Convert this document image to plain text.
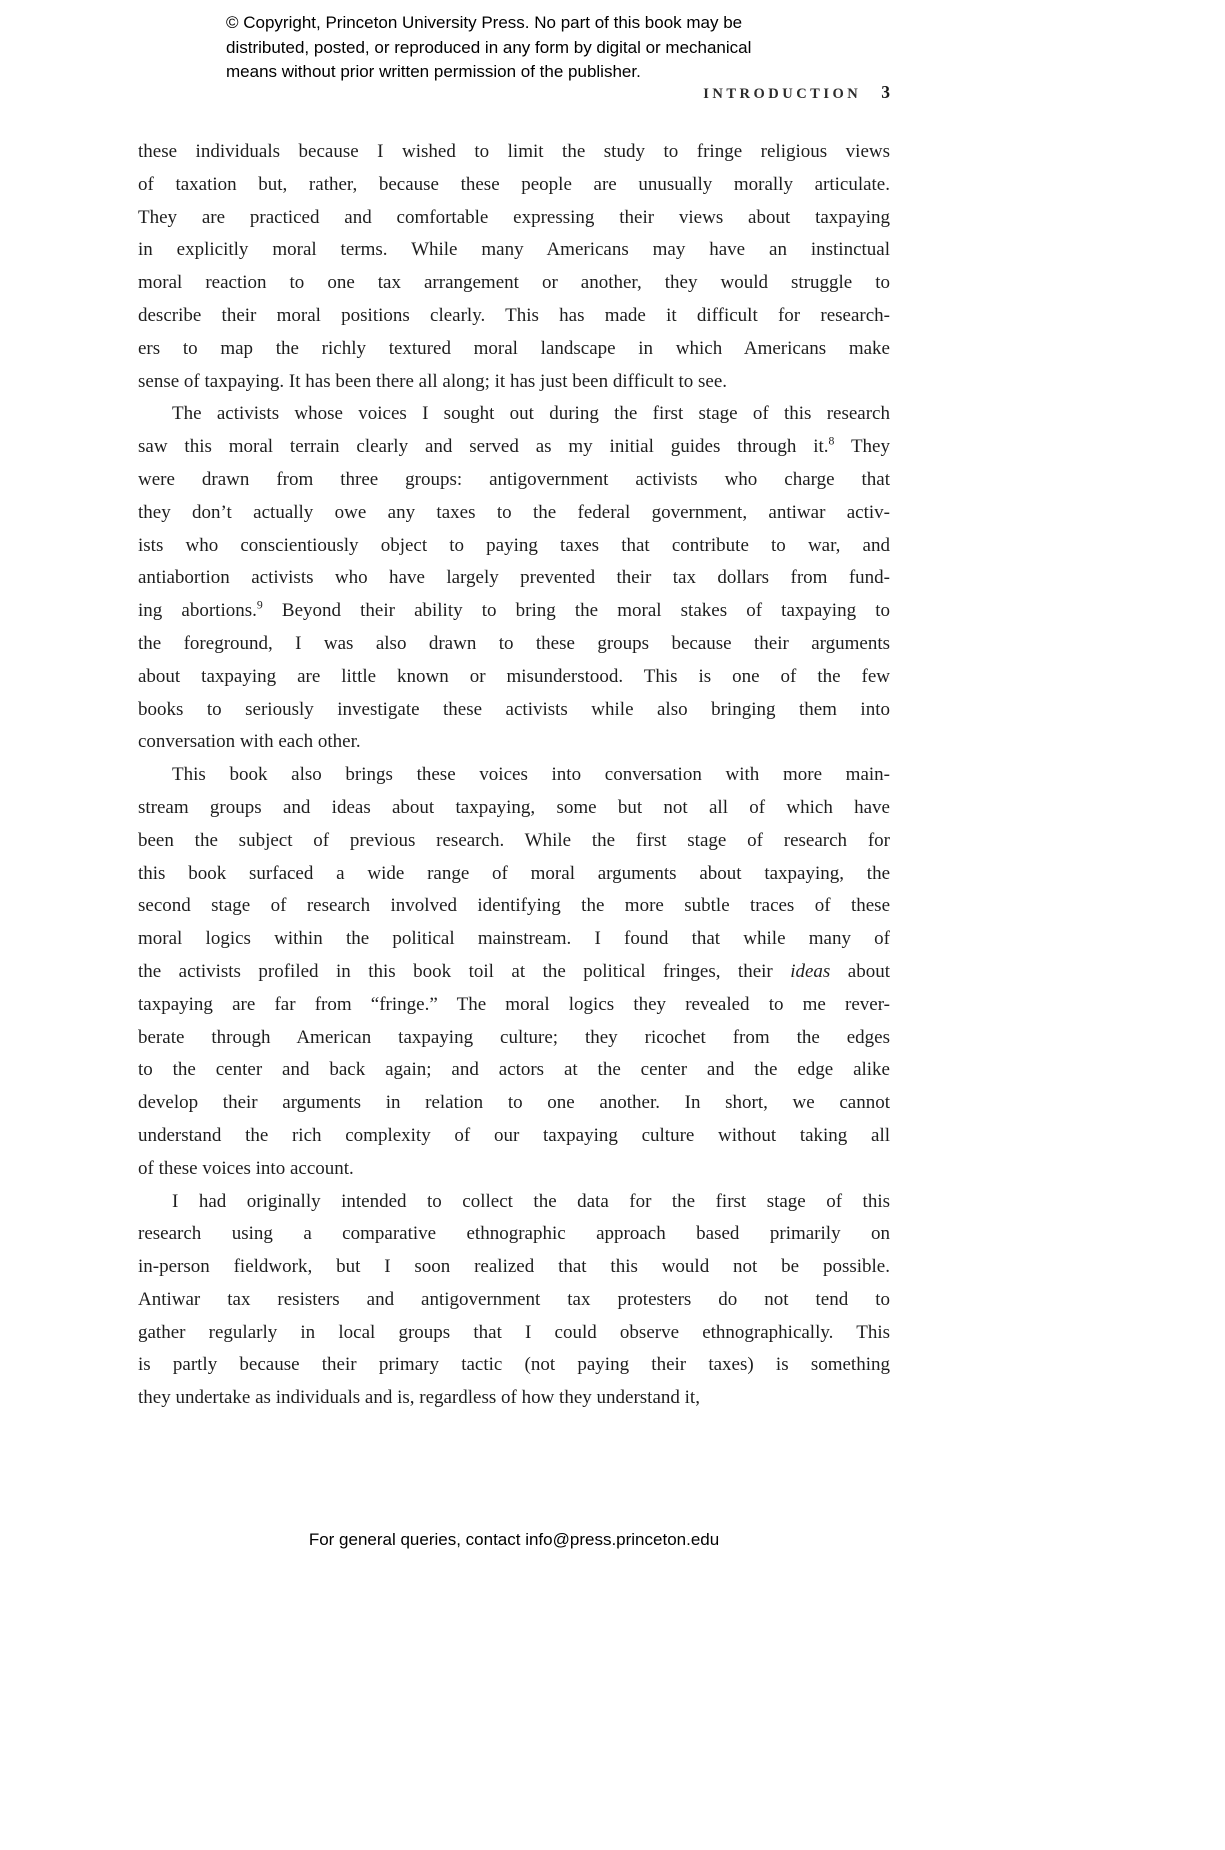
© Copyright, Princeton University Press. No part of this book may be
distributed, posted, or reproduced in any form by digital or mechanical
means without prior written permission of the publisher.
INTRODUCTION 3
these individuals because I wished to limit the study to fringe religious views
of taxation but, rather, because these people are unusually morally articulate.
They are practiced and comfortable expressing their views about taxpaying
in explicitly moral terms. While many Americans may have an instinctual
moral reaction to one tax arrangement or another, they would struggle to
describe their moral positions clearly. This has made it difficult for research-
ers to map the richly textured moral landscape in which Americans make
sense of taxpaying. It has been there all along; it has just been difficult to see.
The activists whose voices I sought out during the first stage of this research
saw this moral terrain clearly and served as my initial guides through it.$^8$ They
were drawn from three groups: antigovernment activists who charge that
they don’t actually owe any taxes to the federal government, antiwar activ-
ists who conscientiously object to paying taxes that contribute to war, and
antiabortion activists who have largely prevented their tax dollars from fund-
ing abortions.$^9$ Beyond their ability to bring the moral stakes of taxpaying to
the foreground, I was also drawn to these groups because their arguments
about taxpaying are little known or misunderstood. This is one of the few
books to seriously investigate these activists while also bringing them into
conversation with each other.
This book also brings these voices into conversation with more main-
stream groups and ideas about taxpaying, some but not all of which have
been the subject of previous research. While the first stage of research for
this book surfaced a wide range of moral arguments about taxpaying, the
second stage of research involved identifying the more subtle traces of these
moral logics within the political mainstream. I found that while many of
the activists profiled in this book toil at the political fringes, their ideas about
taxpaying are far from “fringe.” The moral logics they revealed to me rever-
berate through American taxpaying culture; they ricochet from the edges
to the center and back again; and actors at the center and the edge alike
develop their arguments in relation to one another. In short, we cannot
understand the rich complexity of our taxpaying culture without taking all
of these voices into account.
I had originally intended to collect the data for the first stage of this
research using a comparative ethnographic approach based primarily on
in-person fieldwork, but I soon realized that this would not be possible.
Antiwar tax resisters and antigovernment tax protesters do not tend to
gather regularly in local groups that I could observe ethnographically. This
is partly because their primary tactic (not paying their taxes) is something
they undertake as individuals and is, regardless of how they understand it,
For general queries, contact info@press.princeton.edu
